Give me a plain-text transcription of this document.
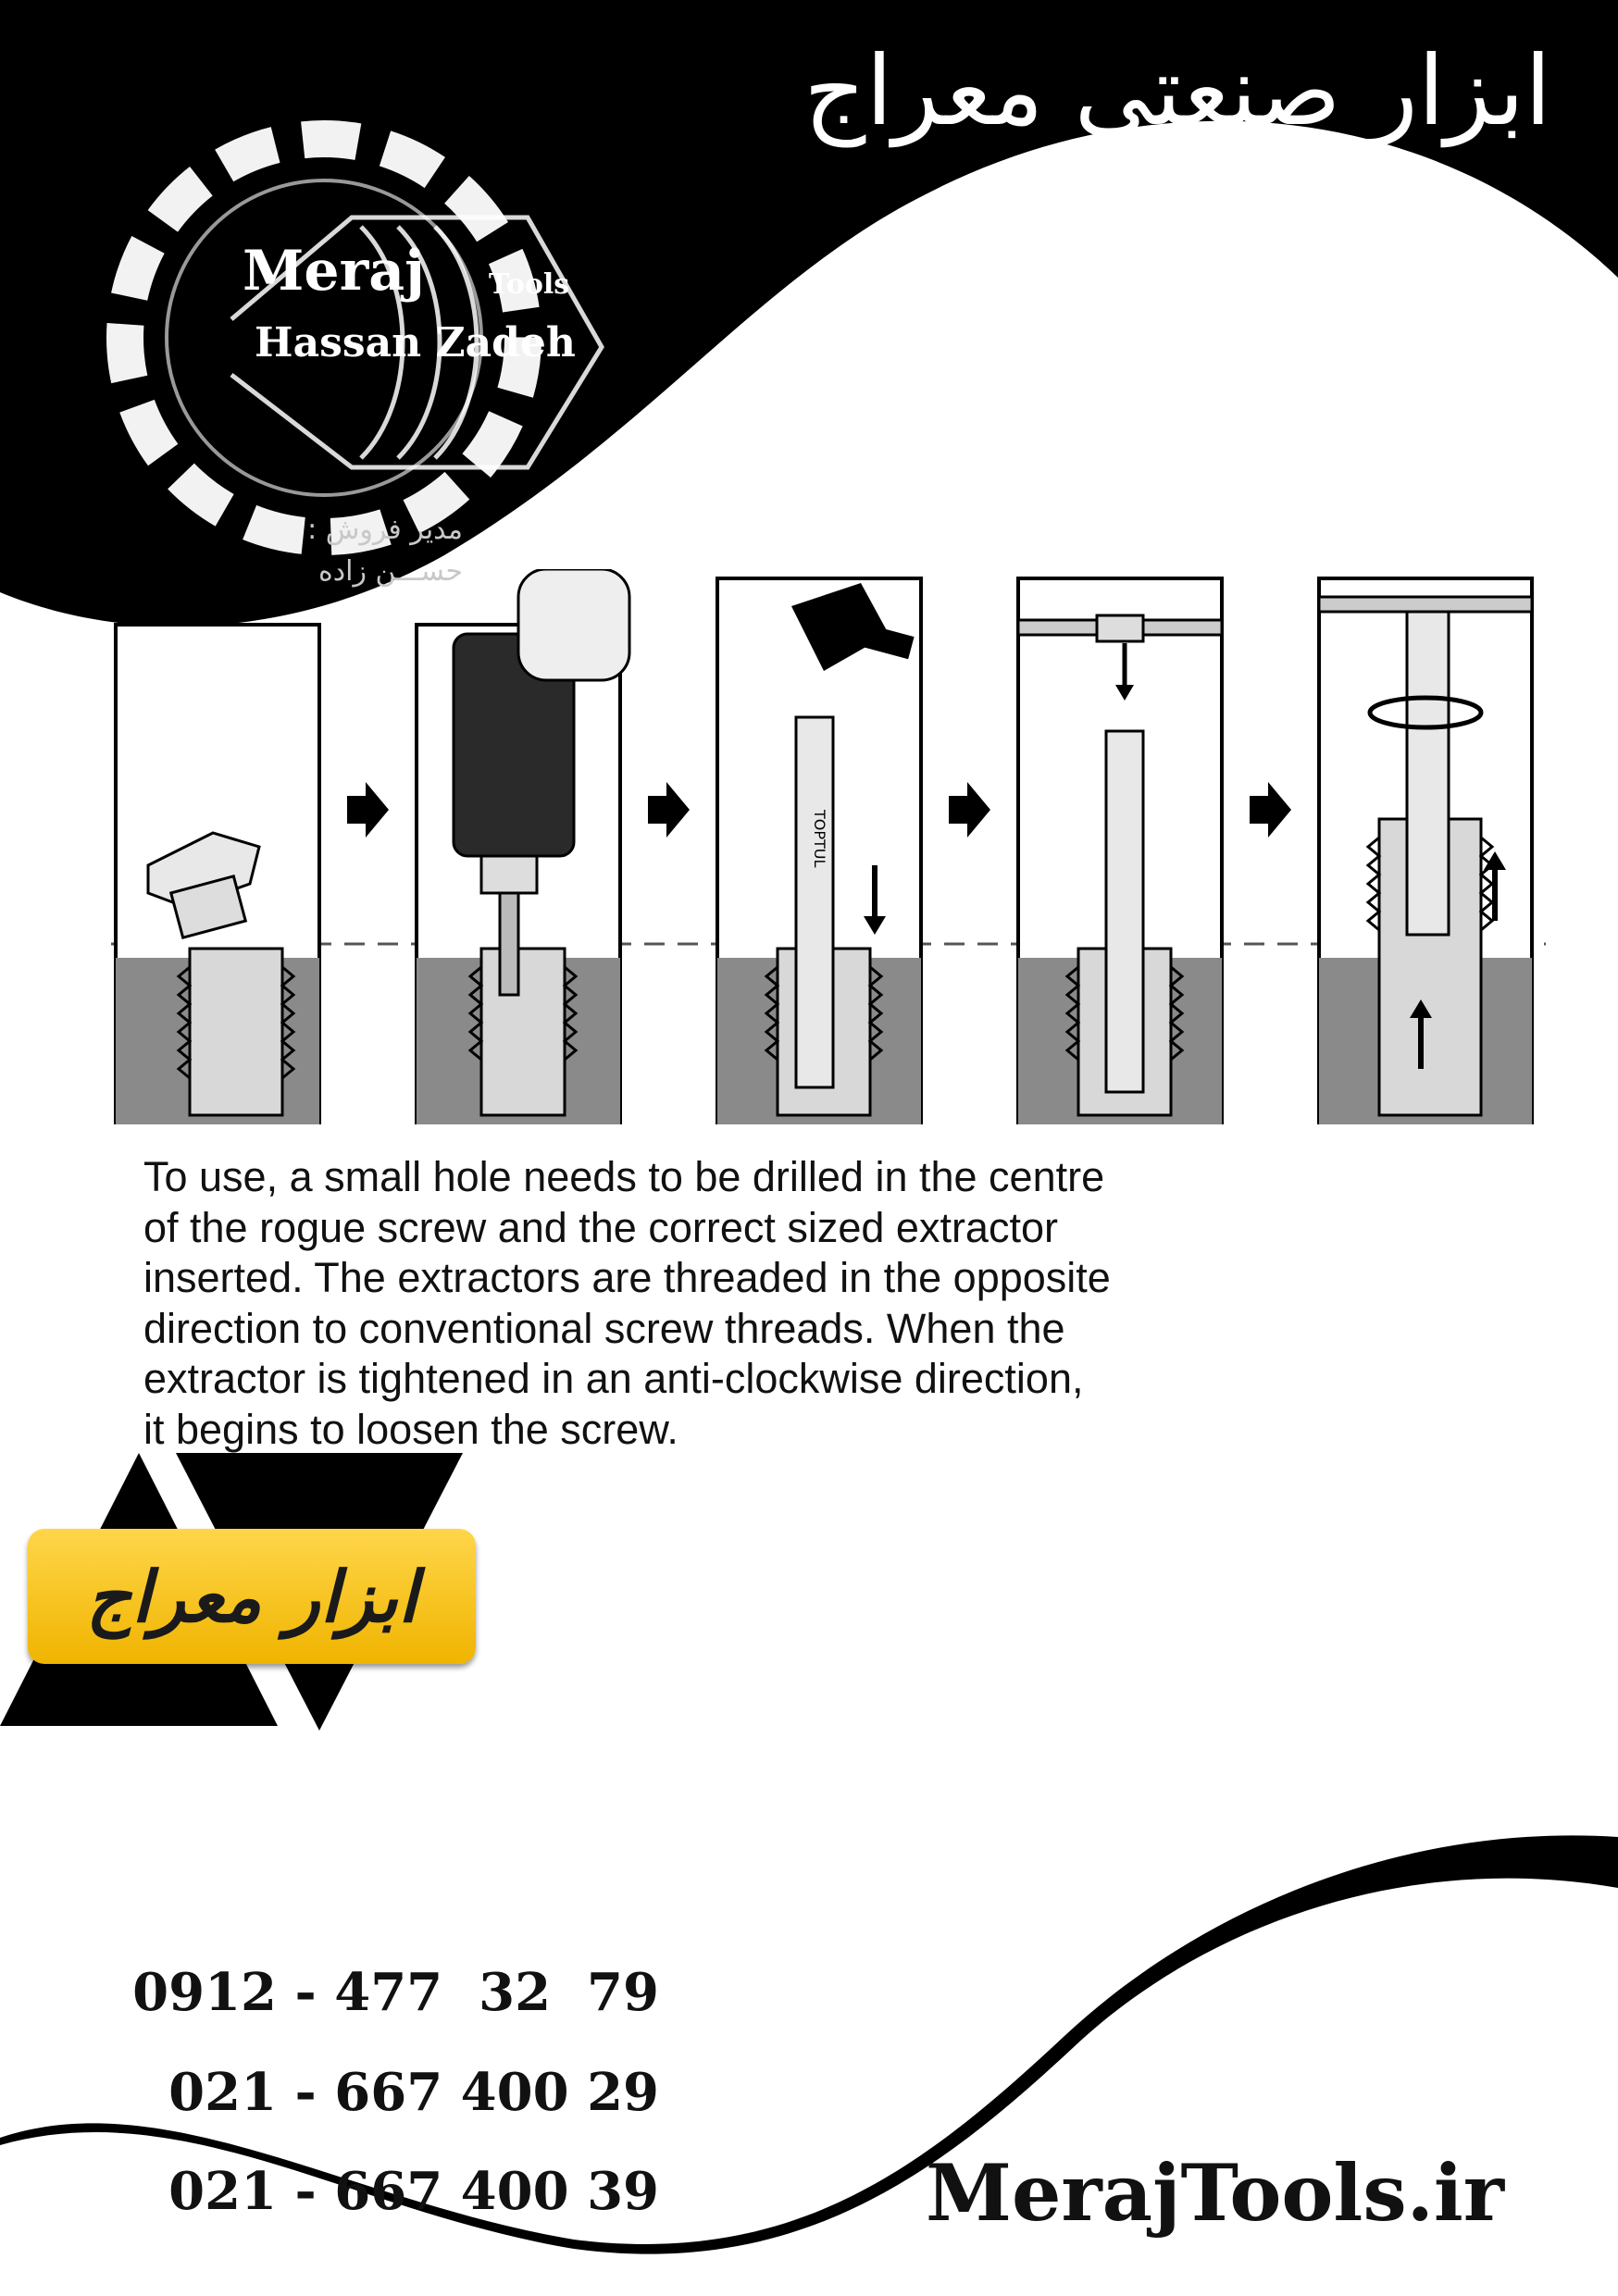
ابزار صنعتی معراج
Meraj Tools
Hassan Zadeh
مدیر فروش :
حســـن زاده
TOPTUL
To use, a small hole needs to be drilled in the centre
of the rogue screw and the correct sized extractor
inserted. The extractors are threaded in the opposite
direction to conventional screw threads. When the
extractor is tightened in an anti-clockwise direction,
it begins to loosen the screw.
ابزار معراج
0912 - 477  32  79
021 - 667 400 29
021 - 667 400 39	MerajTools.ir
